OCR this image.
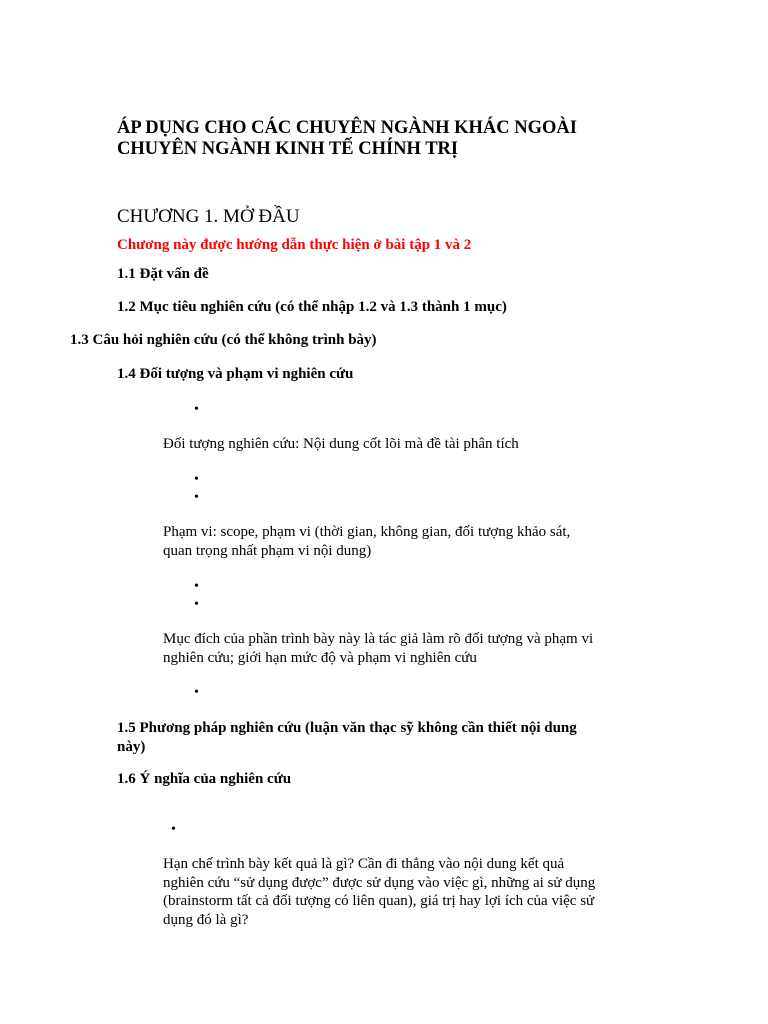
ÁP DỤNG CHO CÁC CHUYÊN NGÀNH KHÁC NGOÀI
CHUYÊN NGÀNH KINH TẾ CHÍNH TRỊ
CHƯƠNG 1. MỞ ĐẦU
Chương này được hướng dẫn thực hiện ở bài tập 1 và 2
1.1 Đặt vấn đề
1.2 Mục tiêu nghiên cứu (có thể nhập 1.2 và 1.3 thành 1 mục)
1.3 Câu hỏi nghiên cứu (có thể không trình bày)
1.4 Đối tượng và phạm vi nghiên cứu
•
Đối tượng nghiên cứu: Nội dung cốt lõi mà đề tài phân tích
•
•
Phạm vi: scope, phạm vi (thời gian, không gian, đối tượng khảo sát,
quan trọng nhất phạm vi nội dung)
•
•
Mục đích của phần trình bày này là tác giả làm rõ đối tượng và phạm vi
nghiên cứu; giới hạn mức độ và phạm vi nghiên cứu
•
1.5 Phương pháp nghiên cứu (luận văn thạc sỹ không cần thiết nội dung
này)
1.6 Ý nghĩa của nghiên cứu
•
Hạn chế trình bày kết quả là gì? Cần đi thẳng vào nội dung kết quả
nghiên cứu “sử dụng được” được sử dụng vào việc gì, những ai sử dụng
(brainstorm tất cả đối tượng có liên quan), giá trị hay lợi ích của việc sử
dụng đó là gì?
